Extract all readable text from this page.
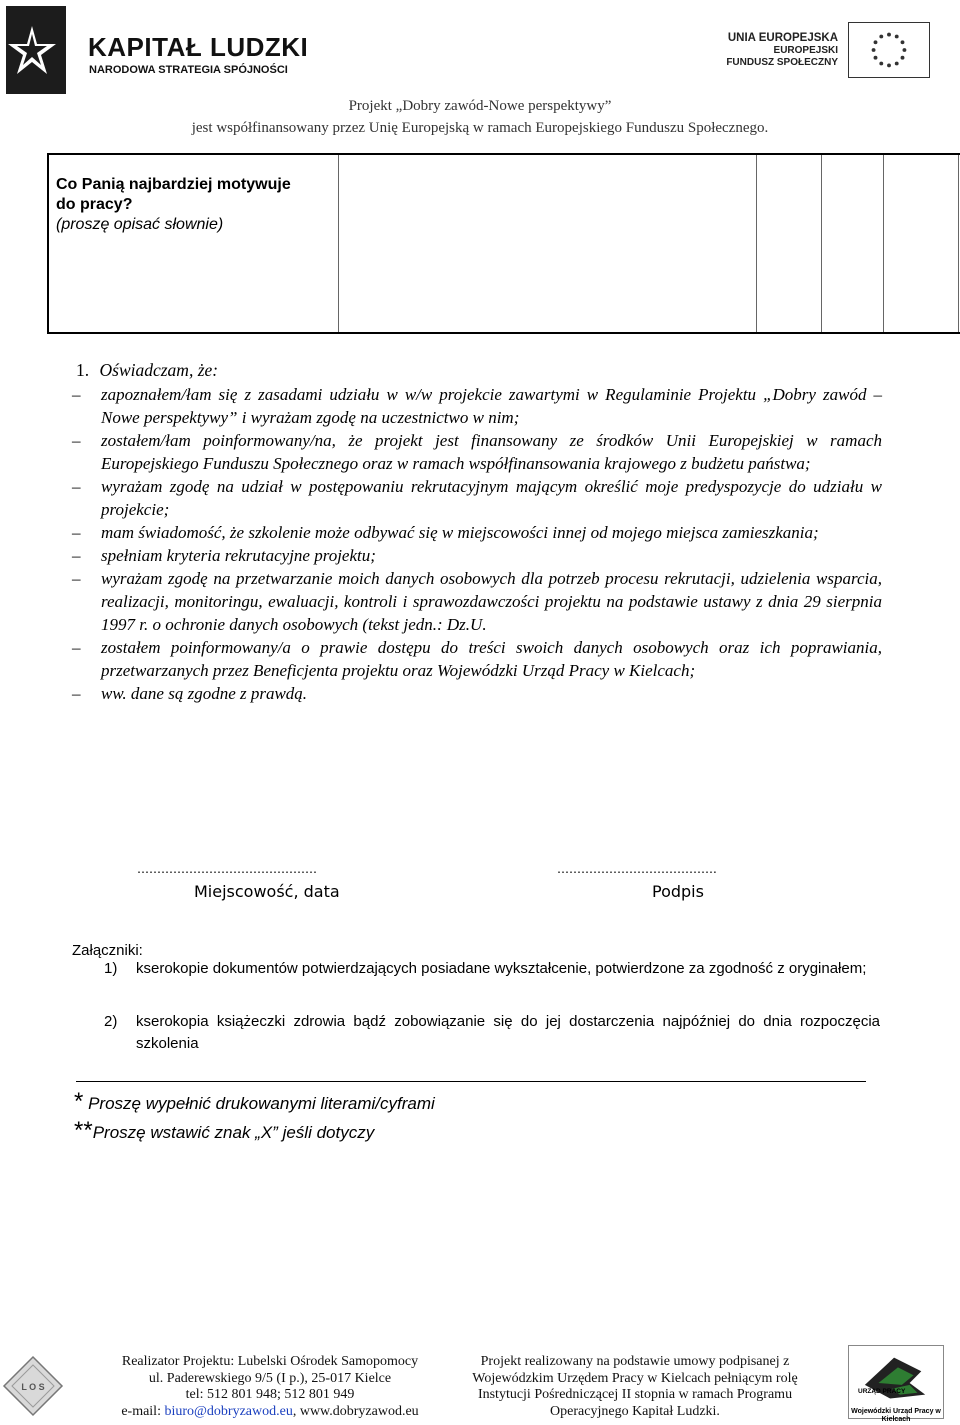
KAPITAŁ LUDZKI
NARODOWA STRATEGIA SPÓJNOŚCI
UNIA EUROPEJSKA
EUROPEJSKI
FUNDUSZ SPOŁECZNY
Projekt „Dobry zawód-Nowe perspektywy”
jest współfinansowany przez Unię Europejską w ramach Europejskiego Funduszu Społecznego.
Co Panią najbardziej motywuje
do pracy?
(proszę opisać słownie)
1. Oświadczam, że:
– zapoznałem/łam się z zasadami udziału w w/w projekcie zawartymi w Regulaminie Projektu „Dobry zawód – Nowe perspektywy” i wyrażam zgodę na uczestnictwo w nim;
– zostałem/łam poinformowany/na, że projekt jest finansowany ze środków Unii Europejskiej w ramach Europejskiego Funduszu Społecznego oraz w ramach współfinansowania krajowego z budżetu państwa;
– wyrażam zgodę na udział w postępowaniu rekrutacyjnym mającym określić moje predyspozycje do udziału w projekcie;
– mam świadomość, że szkolenie może odbywać się w miejscowości innej od mojego miejsca zamieszkania;
– spełniam kryteria rekrutacyjne projektu;
– wyrażam zgodę na przetwarzanie moich danych osobowych dla potrzeb procesu rekrutacji, udzielenia wsparcia, realizacji, monitoringu, ewaluacji, kontroli i sprawozdawczości projektu na podstawie ustawy z dnia 29 sierpnia 1997 r. o ochronie danych osobowych (tekst jedn.: Dz.U.
– zostałem poinformowany/a o prawie dostępu do treści swoich danych osobowych oraz ich poprawiania, przetwarzanych przez Beneficjenta projektu oraz Wojewódzki Urząd Pracy w Kielcach;
– ww. dane są zgodne z prawdą.
………………………………………
Miejscowość, data
………………………………….
Podpis
Załączniki:
1) kserokopie dokumentów potwierdzających posiadane wykształcenie, potwierdzone za zgodność z oryginałem;
2) kserokopia książeczki zdrowia bądź zobowiązanie się do jej dostarczenia najpóźniej do dnia rozpoczęcia szkolenia
* Proszę wypełnić drukowanymi literami/cyframi
**Proszę wstawić znak „X” jeśli dotyczy
L O S
Realizator Projektu: Lubelski Ośrodek Samopomocy
ul. Paderewskiego 9/5 (I p.), 25-017 Kielce
tel: 512 801 948; 512 801 949
e-mail: biuro@dobryzawod.eu, www.dobryzawod.eu
Projekt realizowany na podstawie umowy podpisanej z
Wojewódzkim Urzędem Pracy w Kielcach pełniącym rolę
Instytucji Pośredniczącej II stopnia w ramach Programu
Operacyjnego Kapitał Ludzki.
URZĄD PRACY
Wojewódzki Urząd Pracy w Kielcach
